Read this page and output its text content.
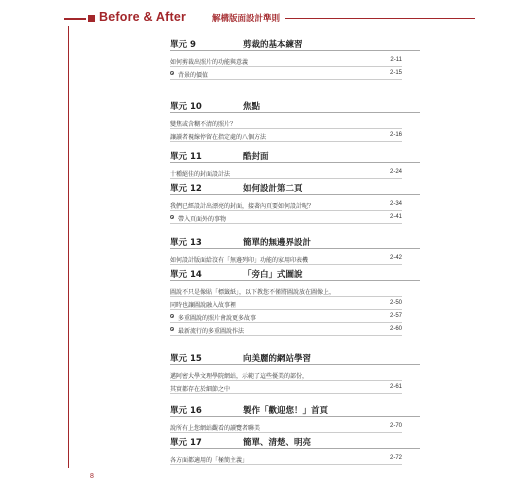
Before & After	解構版面設計準則
單元 9	剪裁的基本練習
如何剪裁出照片的功能與意義	2-11
背景的價值	2-15
單元 10	焦點
變焦或含糊不清的照片？
讓讀者視線停留在指定處的八個方法	2-16
單元 11	酷封面
十種絕佳的封面設計法	2-24
單元 12	如何設計第二頁
我們已經設計出漂亮的封面，接著內頁要如何設計呢？	2-34
帶入頁面外的事物	2-41
單元 13	簡單的無邊界設計
如何設計版面給沒有「無邊列印」功能的家用印表機	2-42
單元 14	「旁白」式圖說
圖說不只是像貼「標籤紙」，以下教您不僅將圖說放在圖像上，
同時也讓圖說融入故事裡	2-50
多重圖說的照片會說更多故事	2-57
最新流行的多重圖說作法	2-60
單元 15	向美麗的網站學習
邁阿密大學文理學院網站，示範了這些優美的部份，
其實都存在於細節之中	2-61
單元 16	製作「歡迎您！」首頁
說所有上您網站觀看的讀覽者聯美	2-70
單元 17	簡單、清楚、明亮
各方面都適用的「極簡主義」	2-72
8
